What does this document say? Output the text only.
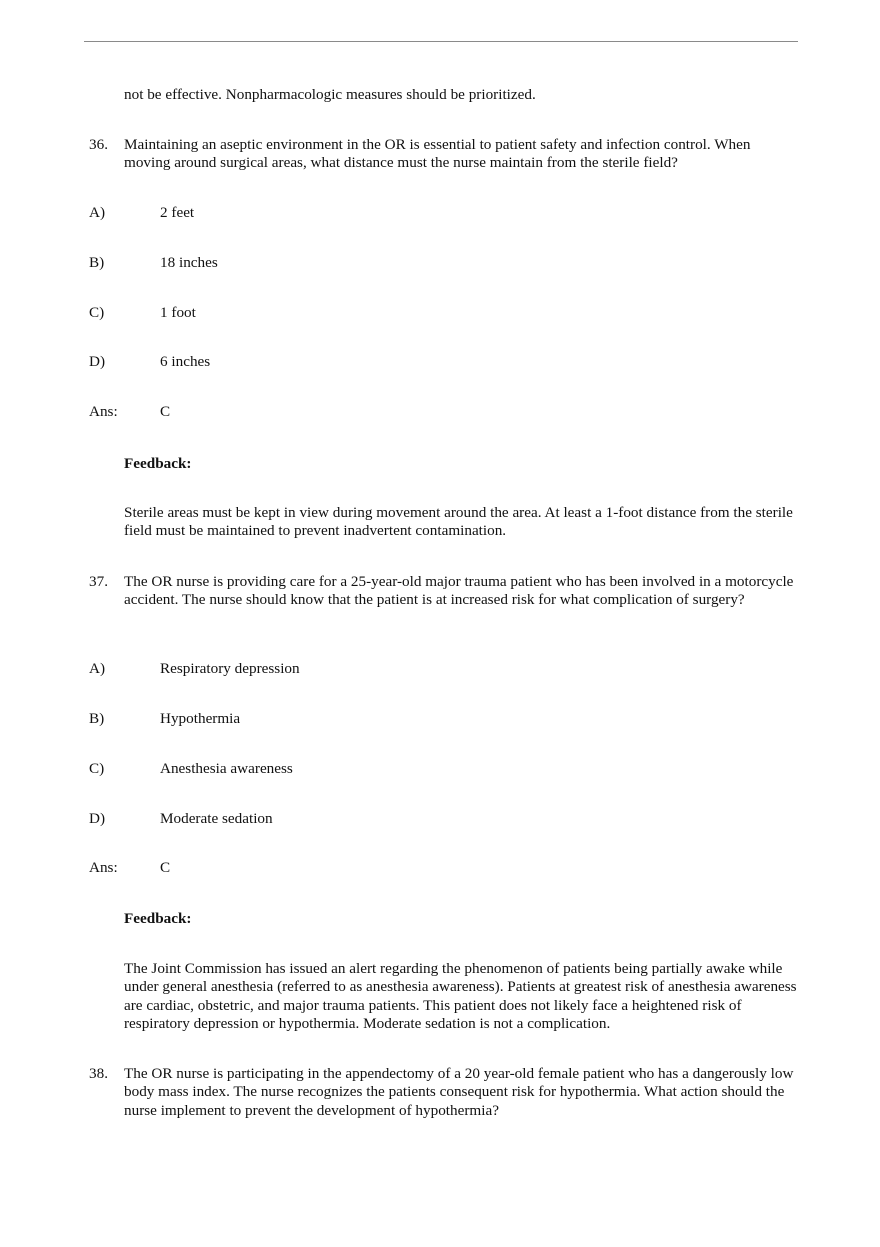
not be effective. Nonpharmacologic measures should be prioritized.

36. Maintaining an aseptic environment in the OR is essential to patient safety and infection control. When moving around surgical areas, what distance must the nurse maintain from the sterile field?

A)	2 feet

B)	18 inches

C)	1 foot

D)	6 inches

Ans:	C

Feedback:

Sterile areas must be kept in view during movement around the area. At least a 1-foot distance from the sterile field must be maintained to prevent inadvertent contamination.

37. The OR nurse is providing care for a 25-year-old major trauma patient who has been involved in a motorcycle accident. The nurse should know that the patient is at increased risk for what complication of surgery?

A)	Respiratory depression

B)	Hypothermia

C)	Anesthesia awareness

D)	Moderate sedation

Ans:	C

Feedback:

The Joint Commission has issued an alert regarding the phenomenon of patients being partially awake while under general anesthesia (referred to as anesthesia awareness). Patients at greatest risk of anesthesia awareness are cardiac, obstetric, and major trauma patients. This patient does not likely face a heightened risk of respiratory depression or hypothermia. Moderate sedation is not a complication.

38. The OR nurse is participating in the appendectomy of a 20 year-old female patient who has a dangerously low body mass index. The nurse recognizes the patients consequent risk for hypothermia. What action should the nurse implement to prevent the development of hypothermia?
